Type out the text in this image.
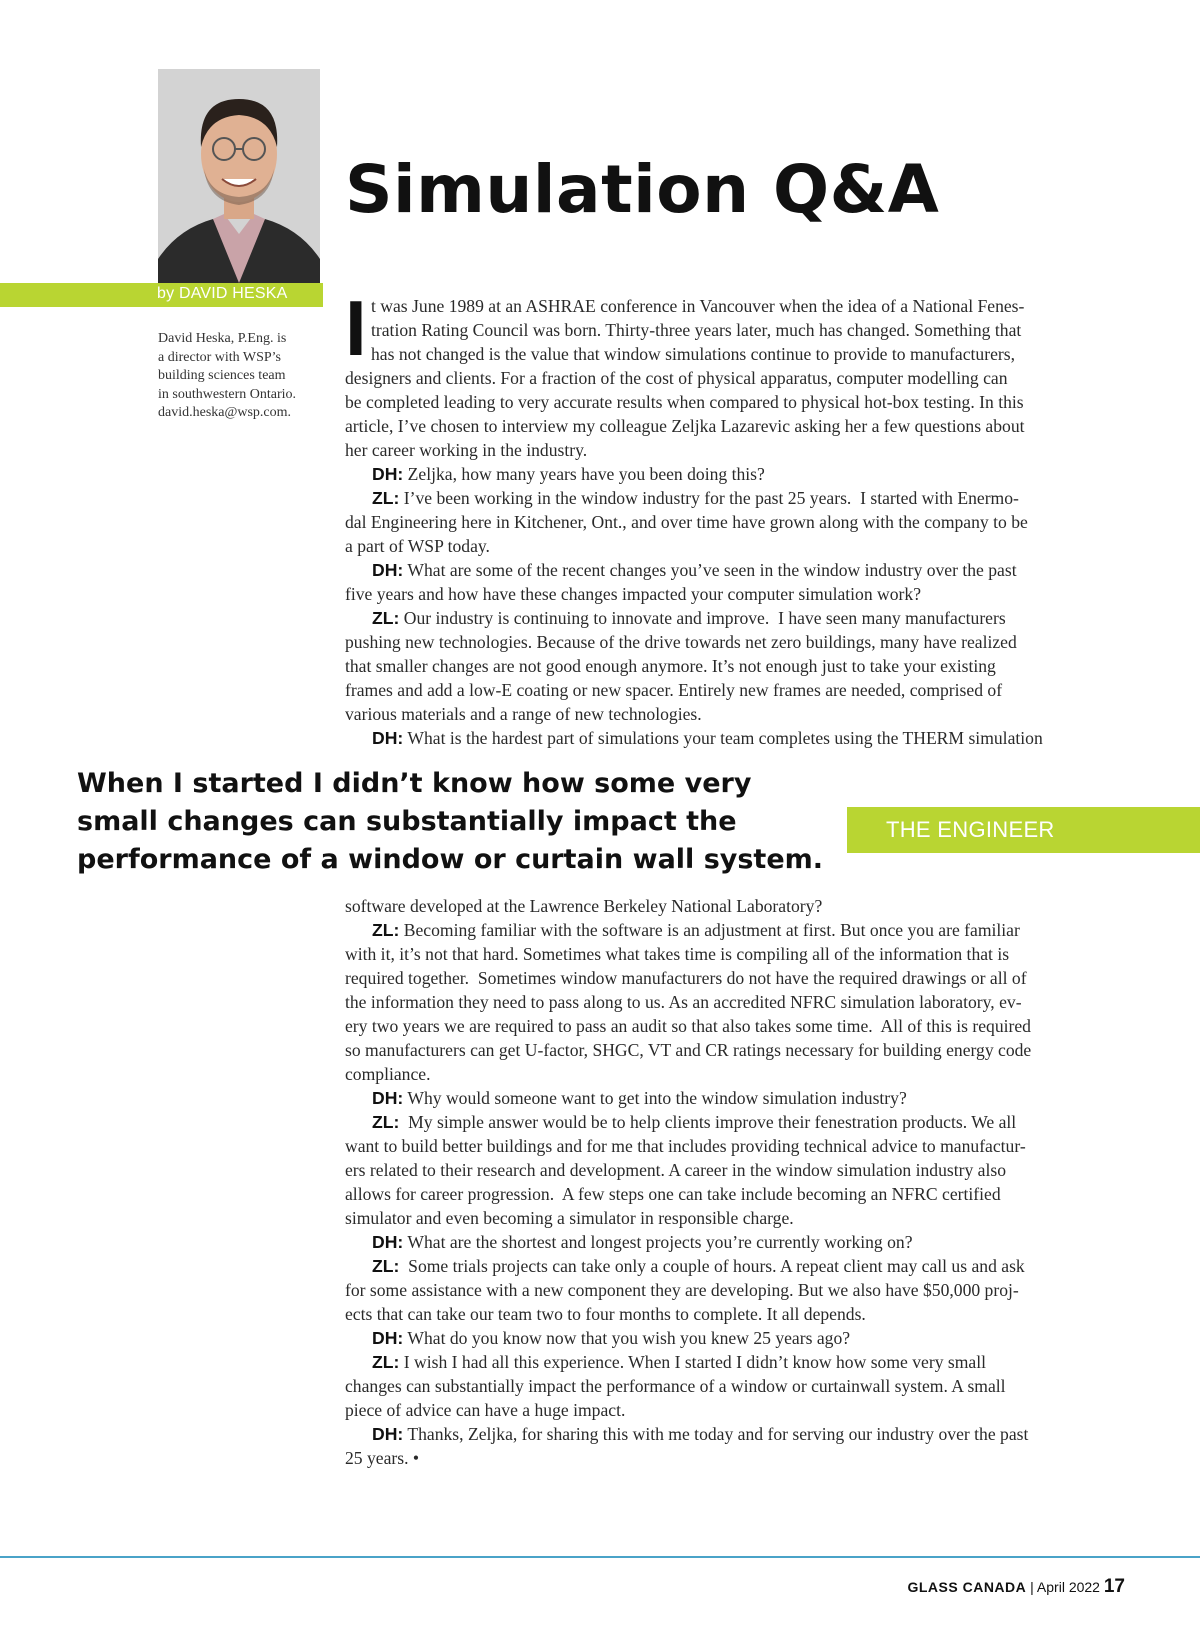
by DAVID HESKA
David Heska, P.Eng. is
a director with WSP’s
building sciences team
in southwestern Ontario.
david.heska@wsp.com.
Simulation Q&A
I t was June 1989 at an ASHRAE conference in Vancouver when the idea of a National Fenes-
tration Rating Council was born. Thirty-three years later, much has changed. Something that
has not changed is the value that window simulations continue to provide to manufacturers,
designers and clients. For a fraction of the cost of physical apparatus, computer modelling can
be completed leading to very accurate results when compared to physical hot-box testing. In this
article, I’ve chosen to interview my colleague Zeljka Lazarevic asking her a few questions about
her career working in the industry.
DH: Zeljka, how many years have you been doing this?
ZL: I’ve been working in the window industry for the past 25 years.  I started with Enermo-
dal Engineering here in Kitchener, Ont., and over time have grown along with the company to be
a part of WSP today.
DH: What are some of the recent changes you’ve seen in the window industry over the past
five years and how have these changes impacted your computer simulation work?
ZL: Our industry is continuing to innovate and improve.  I have seen many manufacturers
pushing new technologies. Because of the drive towards net zero buildings, many have realized
that smaller changes are not good enough anymore. It’s not enough just to take your existing
frames and add a low-E coating or new spacer. Entirely new frames are needed, comprised of
various materials and a range of new technologies.
DH: What is the hardest part of simulations your team completes using the THERM simulation
When I started I didn’t know how some very
small changes can substantially impact the
performance of a window or curtain wall system.
THE ENGINEER
software developed at the Lawrence Berkeley National Laboratory?
ZL: Becoming familiar with the software is an adjustment at first. But once you are familiar
with it, it’s not that hard. Sometimes what takes time is compiling all of the information that is
required together.  Sometimes window manufacturers do not have the required drawings or all of
the information they need to pass along to us. As an accredited NFRC simulation laboratory, ev-
ery two years we are required to pass an audit so that also takes some time.  All of this is required
so manufacturers can get U-factor, SHGC, VT and CR ratings necessary for building energy code
compliance.
DH: Why would someone want to get into the window simulation industry?
ZL:  My simple answer would be to help clients improve their fenestration products. We all
want to build better buildings and for me that includes providing technical advice to manufactur-
ers related to their research and development. A career in the window simulation industry also
allows for career progression.  A few steps one can take include becoming an NFRC certified
simulator and even becoming a simulator in responsible charge.
DH: What are the shortest and longest projects you’re currently working on?
ZL:  Some trials projects can take only a couple of hours. A repeat client may call us and ask
for some assistance with a new component they are developing. But we also have $50,000 proj-
ects that can take our team two to four months to complete. It all depends.
DH: What do you know now that you wish you knew 25 years ago?
ZL: I wish I had all this experience. When I started I didn’t know how some very small
changes can substantially impact the performance of a window or curtainwall system. A small
piece of advice can have a huge impact.
DH: Thanks, Zeljka, for sharing this with me today and for serving our industry over the past
25 years. •
GLASS CANADA | April 2022 17
